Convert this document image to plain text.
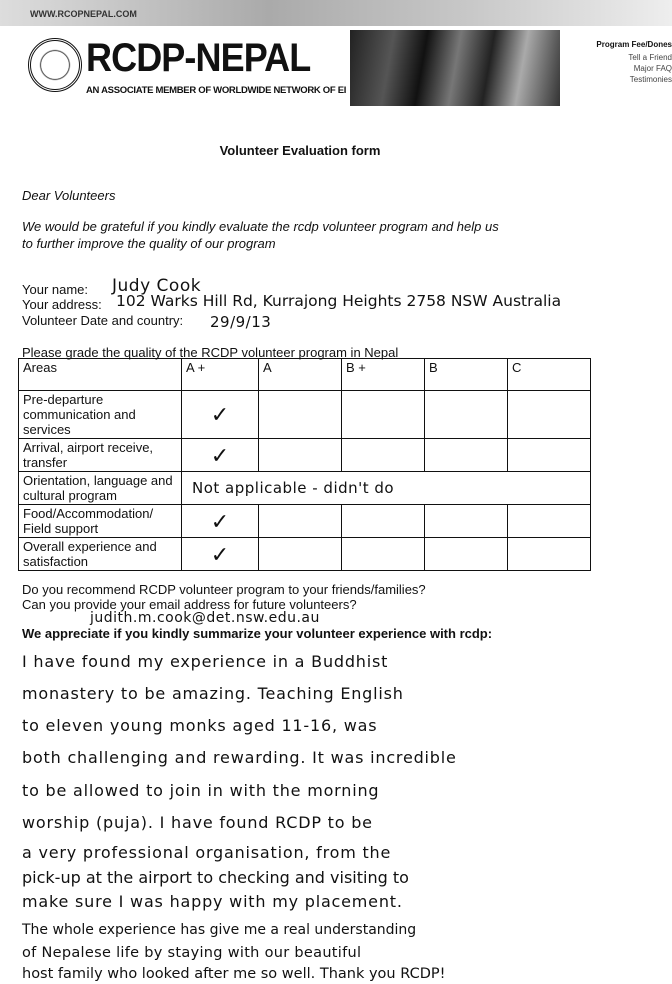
WWW.RCOPNEPAL.COM
RCDP-NEPAL
AN ASSOCIATE MEMBER OF WORLDWIDE NETWORK OF EI
Program Fee/Dones
Tell a Friend
Major FAQ
Testimonies
Volunteer Evaluation form
Dear Volunteers
We would be grateful if you kindly evaluate the rcdp volunteer program and help us
to further improve the quality of our program
Your name: Judy Cook
Your address: 102 Warks Hill Rd, Kurrajong Heights 2758 NSW Australia
Volunteer Date and country: 29/9/13
Please grade the quality of the RCDP volunteer program in Nepal
Areas	A +	A	B +	B	C
Pre-departure communication and services	✓				
Arrival, airport receive, transfer	✓				
Orientation, language and cultural program	Not applicable - didn't do				
Food/Accommodation/ Field support	✓				
Overall experience and satisfaction	✓				
Do you recommend RCDP volunteer program to your friends/families?
Can you provide your email address for future volunteers?
judith.m.cook@det.nsw.edu.au
We appreciate if you kindly summarize your volunteer experience with rcdp:
I have found my experience in a Buddhist
monastery to be amazing. Teaching English
to eleven young monks aged 11-16, was
both challenging and rewarding. It was incredible
to be allowed to join in with the morning
worship (puja). I have found RCDP to be
a very professional organisation, from the
pick-up at the airport to checking and visiting to
make sure I was happy with my placement.
The whole experience has give me a real understanding
of Nepalese life by staying with our beautiful
host family who looked after me so well. Thank you RCDP!
